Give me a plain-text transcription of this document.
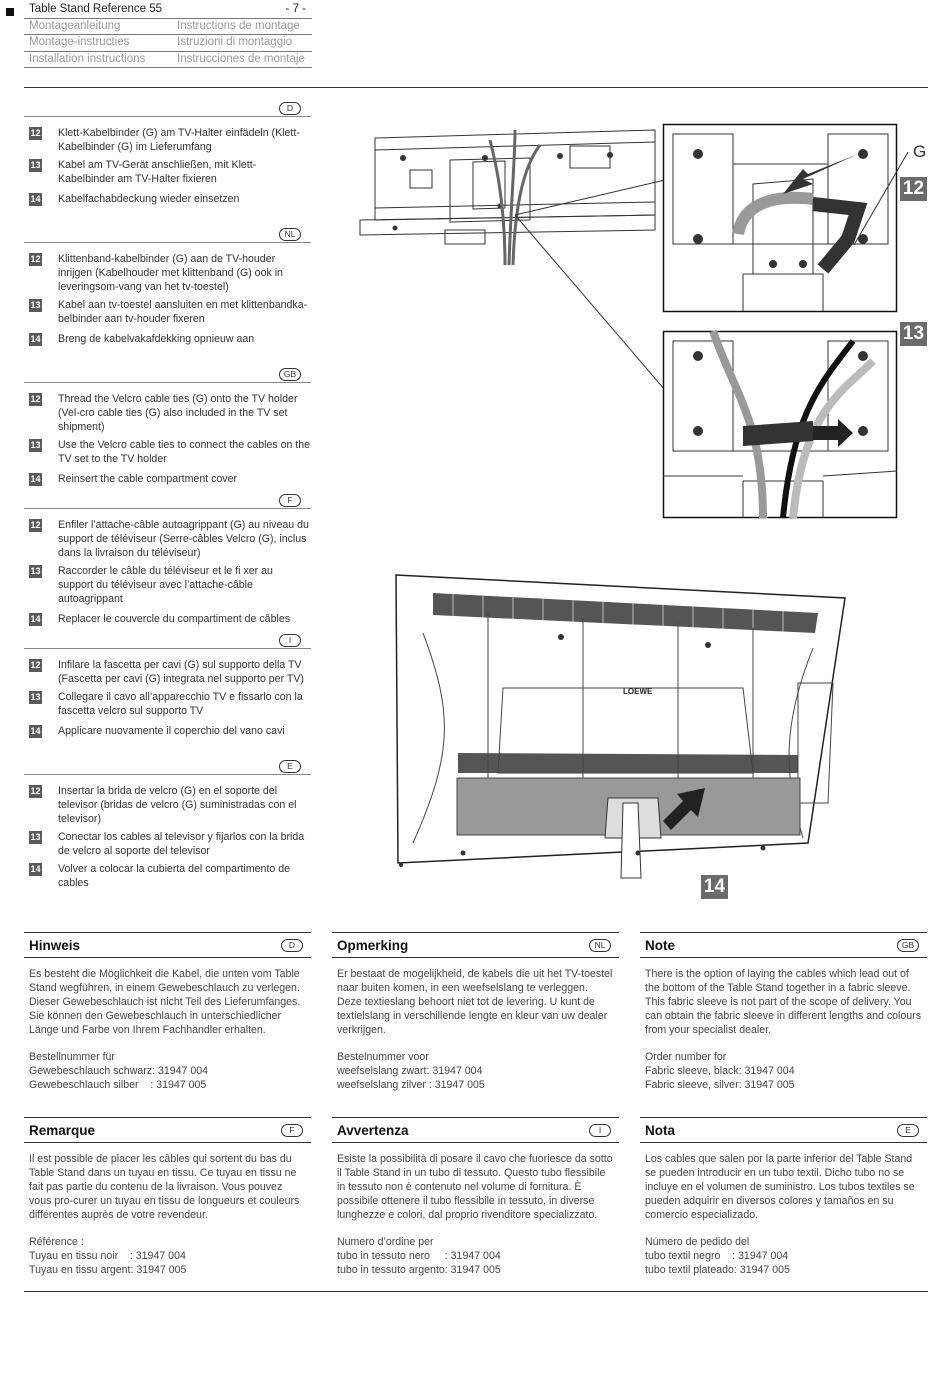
Table Stand Reference 55	- 7 -
Montageanleitung	Instructions de montage
Montage-instructies	Istruzioni di montaggio
Installation instructions	Instrucciones de montaje
D
12 Klett-Kabelbinder (G) am TV-Halter einfädeln (Klett-Kabelbinder (G) im Lieferumfang
13 Kabel am TV-Gerät anschließen, mit Klett-Kabelbinder am TV-Halter fixieren
14 Kabelfachabdeckung wieder einsetzen
NL
12 Klittenband-kabelbinder (G) aan de TV-houder inrijgen (Kabelhouder met klittenband (G) ook in leveringsom-vang van het tv-toestel)
13 Kabel aan tv-toestel aansluiten en met klittenbandka-belbinder aan tv-houder fixeren
14 Breng de kabelvakafdekking opnieuw aan
GB
12 Thread the Velcro cable ties (G) onto the TV holder (Vel-cro cable ties (G) also included in the TV set shipment)
13 Use the Velcro cable ties to connect the cables on the TV set to the TV holder
14 Reinsert the cable compartment cover
F
12 Enfiler l’attache-câble autoagrippant (G) au niveau du support de téléviseur (Serre-câbles Velcro (G), inclus dans la livraison du téléviseur)
13 Raccorder le câble du téléviseur et le fi xer au support du téléviseur avec l’attache-câble autoagrippant
14 Replacer le couvercle du compartiment de câbles
I
12 Infilare la fascetta per cavi (G) sul supporto della TV (Fascetta per cavi (G) integrata nel supporto per TV)
13 Collegare il cavo all’apparecchio TV e fissarlo con la fascetta velcro sul supporto TV
14 Applicare nuovamente il coperchio del vano cavi
E
12 Insertar la brida de velcro (G) en el soporte del televisor (bridas de velcro (G) suministradas con el televisor)
13 Conectar los cables al televisor y fijarlos con la brida de velcro al soporte del televisor
14 Volver a colocar la cubierta del compartimento de cables
G
12
13
LOEWE
14
Hinweis	D

Es besteht die Möglichkeit die Kabel, die unten vom Table Stand wegführen, in einem Gewebeschlauch zu verlegen. Dieser Gewebeschlauch ist nicht Teil des Lieferumfanges. Sie können den Gewebeschlauch in unterschiedlicher Länge und Farbe von Ihrem Fachhändler erhalten.

Bestellnummer für
Gewebeschlauch schwarz: 31947 004
Gewebeschlauch silber    : 31947 005

Opmerking	NL

Er bestaat de mogelijkheid, de kabels die uit het TV-toestel naar buiten komen, in een weefselslang te verleggen. Deze textieslang behoort niet tot de levering. U kunt de textielslang in verschillende lengte en kleur van uw dealer verkrijgen.

Bestelnummer voor
weefselslang zwart: 31947 004
weefselslang zilver : 31947 005

Note	GB

There is the option of laying the cables which lead out of the bottom of the Table Stand together in a fabric sleeve. This fabric sleeve is not part of the scope of delivery. You can obtain the fabric sleeve in different lengths and colours from your specialist dealer.

Order number for
Fabric sleeve, black: 31947 004
Fabric sleeve, silver: 31947 005

Remarque	F

Il est possible de placer les câbles qui sortent du bas du Table Stand dans un tuyau en tissu. Ce tuyau en tissu ne fait pas partie du contenu de la livraison. Vous pouvez vous pro-curer un tuyau en tissu de longueurs et couleurs différentes auprès de votre revendeur.

Référence :
Tuyau en tissu noir    : 31947 004
Tuyau en tissu argent: 31947 005

Avvertenza	I

Esiste la possibilità di posare il cavo che fuoriesce da sotto il Table Stand in un tubo di tessuto. Questo tubo flessibile in tessuto non è contenuto nel volume di fornitura. È possibile ottenere il tubo flessibile in tessuto, in diverse lunghezze e colori, dal proprio rivenditore specializzato.

Numero d’ordine per
tubo in tessuto nero     : 31947 004
tubo in tessuto argento: 31947 005

Nota	E

Los cables que salen por la parte inferior del Table Stand se pueden introducir en un tubo textil. Dicho tubo no se incluye en el volumen de suministro. Los tubos textiles se pueden adquirir en diversos colores y tamaños en su comercio especializado.

Número de pedido del
tubo textil negro    : 31947 004
tubo textil plateado: 31947 005
